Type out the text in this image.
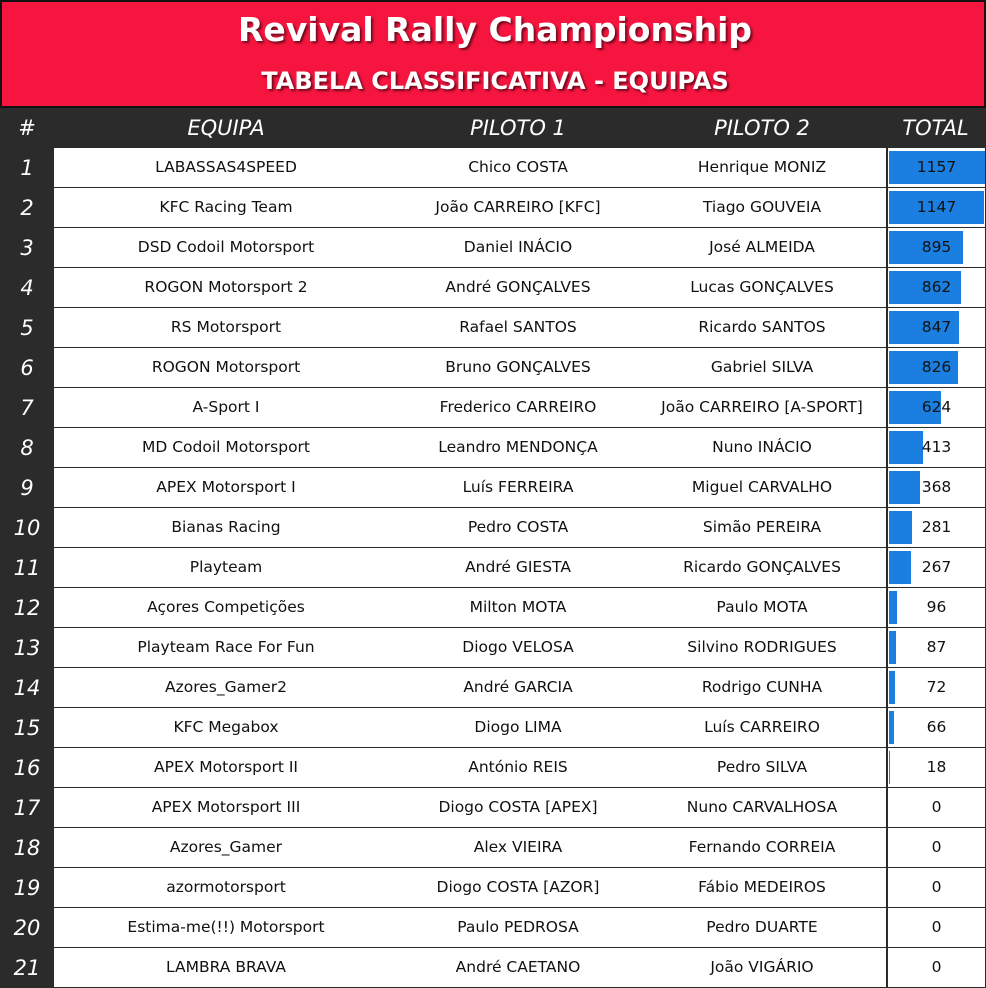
Revival Rally Championship
TABELA CLASSIFICATIVA - EQUIPAS
#	EQUIPA	PILOTO 1	PILOTO 2	TOTAL
1	LABASSAS4SPEED	Chico COSTA	Henrique MONIZ	1157
2	KFC Racing Team	João CARREIRO [KFC]	Tiago GOUVEIA	1147
3	DSD Codoil Motorsport	Daniel INÁCIO	José ALMEIDA	895
4	ROGON Motorsport 2	André GONÇALVES	Lucas GONÇALVES	862
5	RS Motorsport	Rafael SANTOS	Ricardo SANTOS	847
6	ROGON Motorsport	Bruno GONÇALVES	Gabriel SILVA	826
7	A-Sport I	Frederico CARREIRO	João CARREIRO [A-SPORT]	624
8	MD Codoil Motorsport	Leandro MENDONÇA	Nuno INÁCIO	413
9	APEX Motorsport I	Luís FERREIRA	Miguel CARVALHO	368
10	Bianas Racing	Pedro COSTA	Simão PEREIRA	281
11	Playteam	André GIESTA	Ricardo GONÇALVES	267
12	Açores Competições	Milton MOTA	Paulo MOTA	96
13	Playteam Race For Fun	Diogo VELOSA	Silvino RODRIGUES	87
14	Azores_Gamer2	André GARCIA	Rodrigo CUNHA	72
15	KFC Megabox	Diogo LIMA	Luís CARREIRO	66
16	APEX Motorsport II	António REIS	Pedro SILVA	18
17	APEX Motorsport III	Diogo COSTA [APEX]	Nuno CARVALHOSA	0
18	Azores_Gamer	Alex VIEIRA	Fernando CORREIA	0
19	azormotorsport	Diogo COSTA [AZOR]	Fábio MEDEIROS	0
20	Estima-me(!!) Motorsport	Paulo PEDROSA	Pedro DUARTE	0
21	LAMBRA BRAVA	André CAETANO	João VIGÁRIO	0
